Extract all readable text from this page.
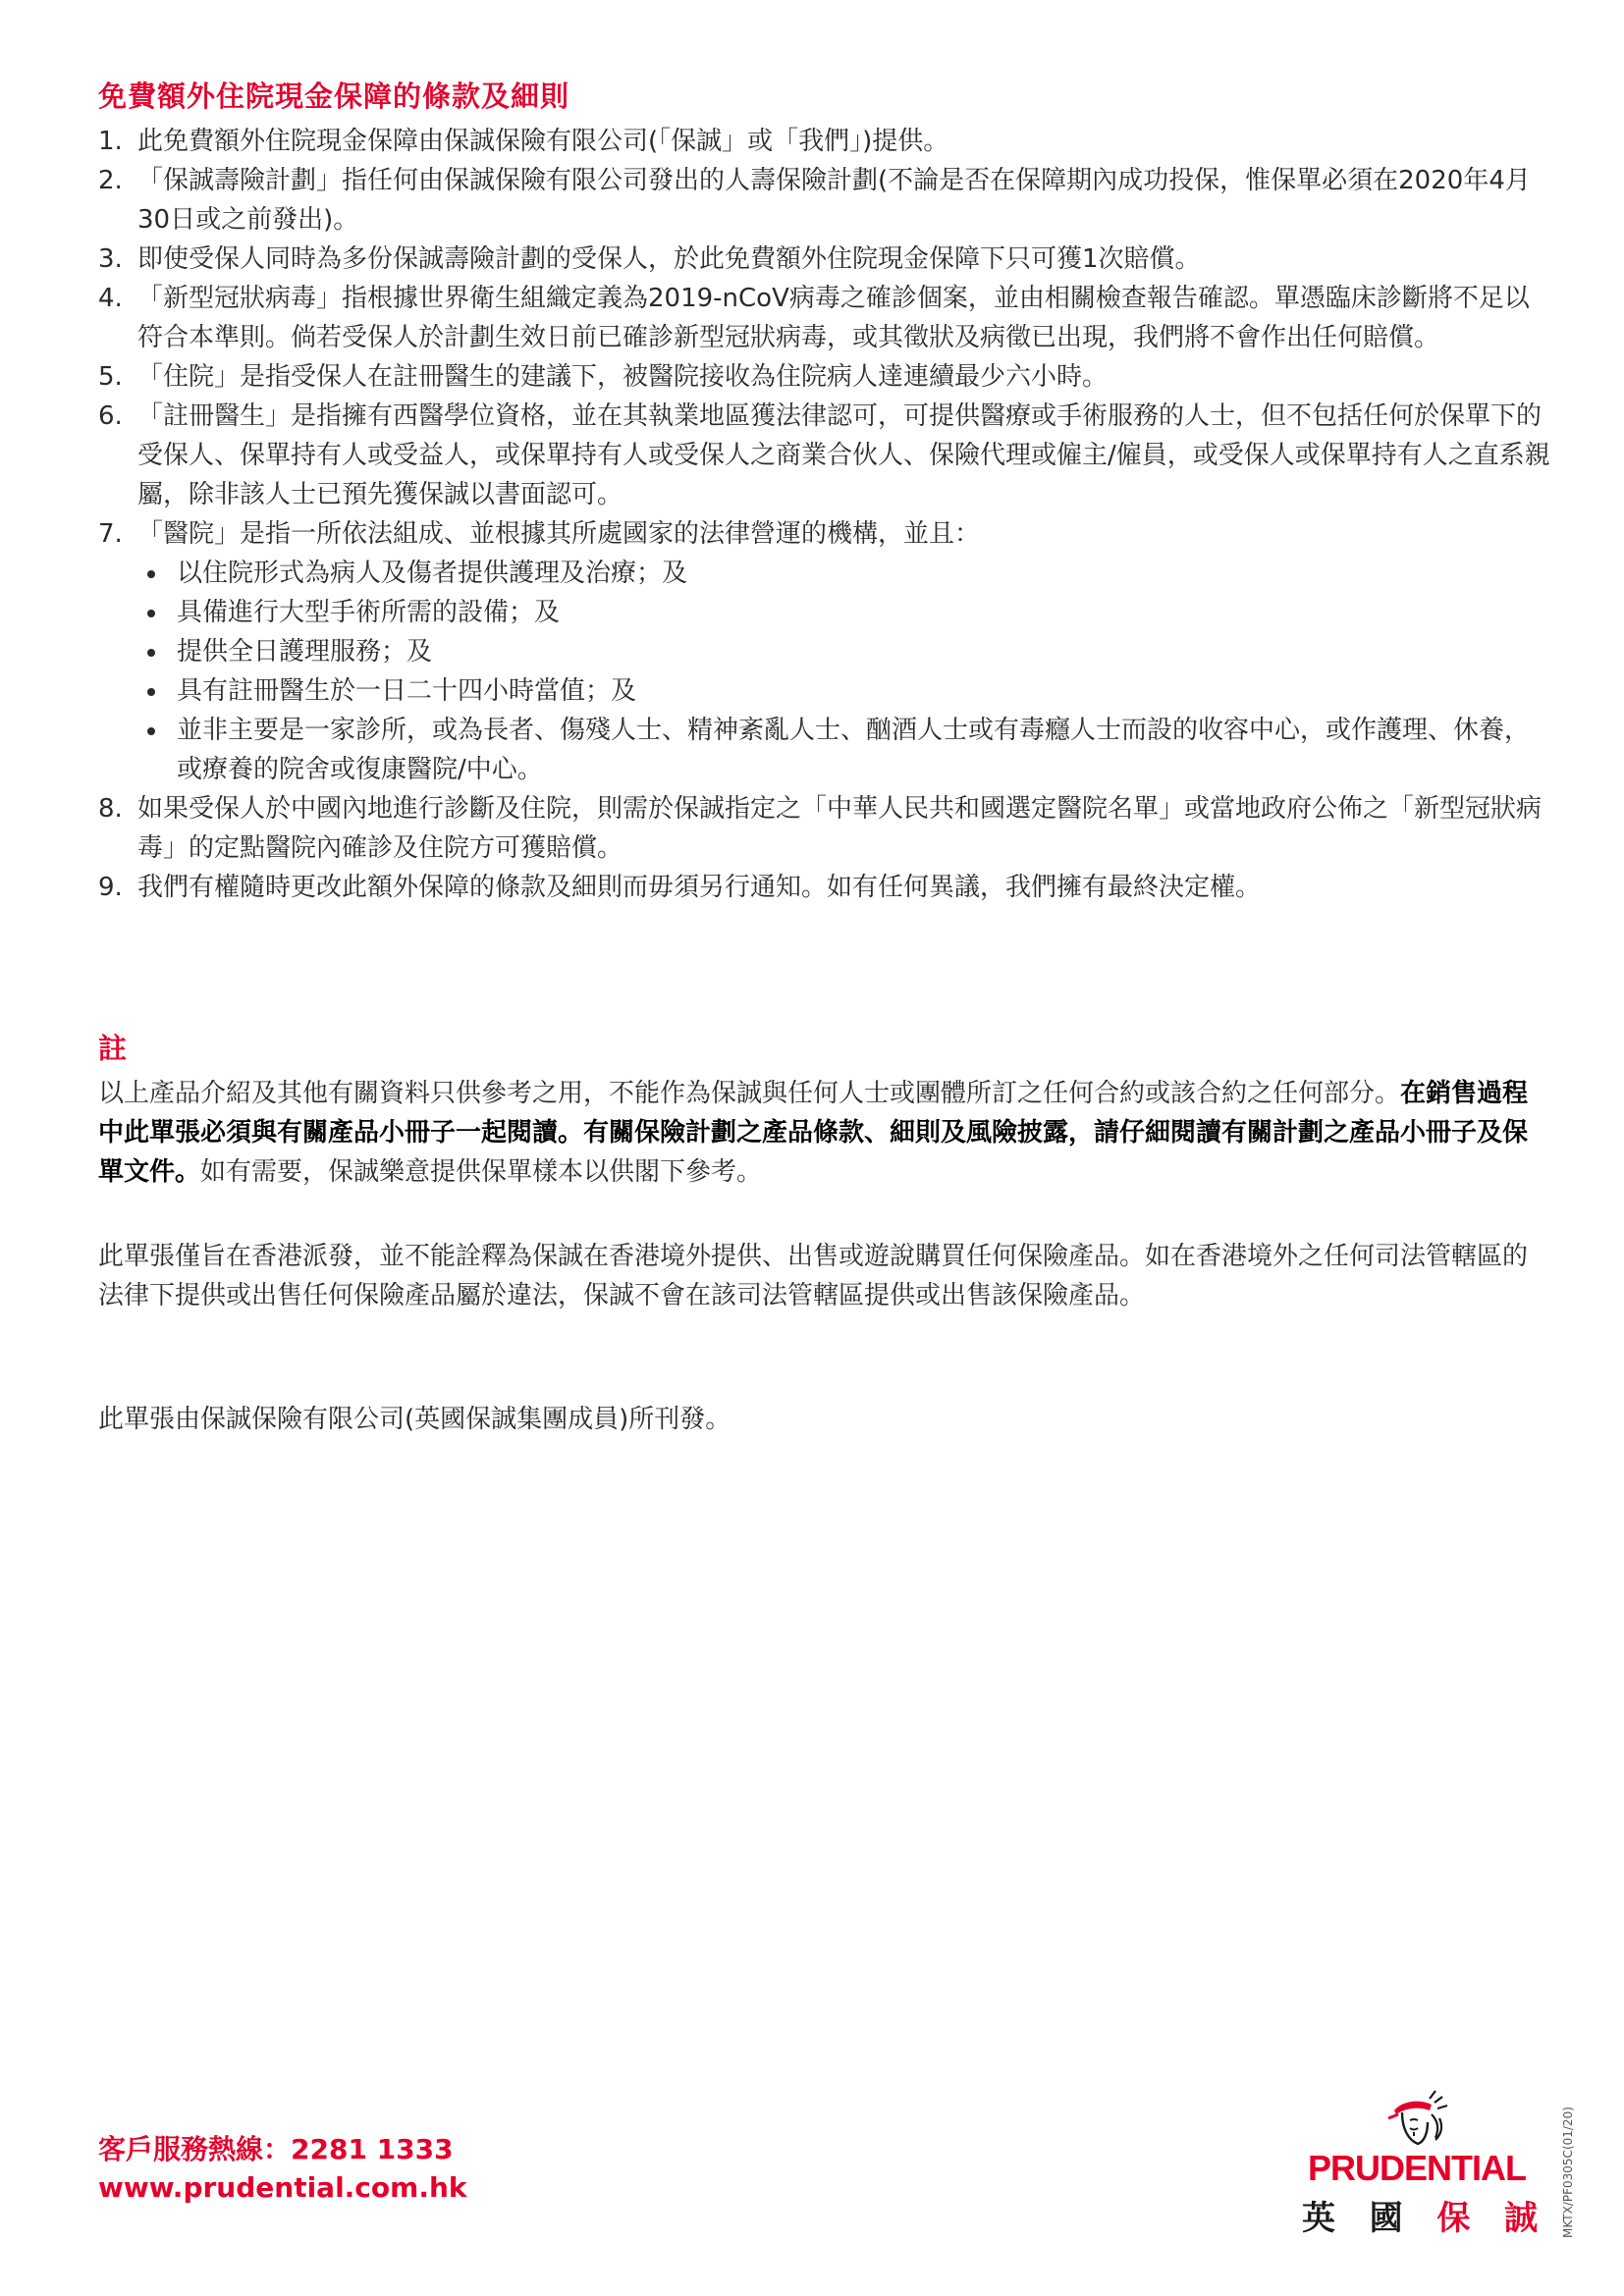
免費額外住院現金保障的條款及細則
1. 此免費額外住院現金保障由保誠保險有限公司(「保誠」或「我們」)提供。
2. 「保誠壽險計劃」指任何由保誠保險有限公司發出的人壽保險計劃(不論是否在保障期內成功投保，惟保單必須在2020年4月30日或之前發出)。
3. 即使受保人同時為多份保誠壽險計劃的受保人，於此免費額外住院現金保障下只可獲1次賠償。
4. 「新型冠狀病毒」指根據世界衛生組織定義為2019-nCoV病毒之確診個案，並由相關檢查報告確認。單憑臨床診斷將不足以符合本準則。倘若受保人於計劃生效日前已確診新型冠狀病毒，或其徵狀及病徵已出現，我們將不會作出任何賠償。
5. 「住院」是指受保人在註冊醫生的建議下，被醫院接收為住院病人達連續最少六小時。
6. 「註冊醫生」是指擁有西醫學位資格，並在其執業地區獲法律認可，可提供醫療或手術服務的人士，但不包括任何於保單下的受保人、保單持有人或受益人，或保單持有人或受保人之商業合伙人、保險代理或僱主/僱員，或受保人或保單持有人之直系親屬，除非該人士已預先獲保誠以書面認可。
7. 「醫院」是指一所依法組成、並根據其所處國家的法律營運的機構，並且：
以住院形式為病人及傷者提供護理及治療；及
具備進行大型手術所需的設備；及
提供全日護理服務；及
具有註冊醫生於一日二十四小時當值；及
並非主要是一家診所，或為長者、傷殘人士、精神紊亂人士、酗酒人士或有毒癮人士而設的收容中心，或作護理、休養，或療養的院舍或復康醫院/中心。
8. 如果受保人於中國內地進行診斷及住院，則需於保誠指定之「中華人民共和國選定醫院名單」或當地政府公佈之「新型冠狀病毒」的定點醫院內確診及住院方可獲賠償。
9. 我們有權隨時更改此額外保障的條款及細則而毋須另行通知。如有任何異議，我們擁有最終決定權。
註

以上產品介紹及其他有關資料只供參考之用，不能作為保誠與任何人士或團體所訂之任何合約或該合約之任何部分。在銷售過程中此單張必須與有關產品小冊子一起閱讀。有關保險計劃之產品條款、細則及風險披露，請仔細閱讀有關計劃之產品小冊子及保單文件。如有需要，保誠樂意提供保單樣本以供閣下參考。

此單張僅旨在香港派發，並不能詮釋為保誠在香港境外提供、出售或遊說購買任何保險產品。如在香港境外之任何司法管轄區的法律下提供或出售任何保險產品屬於違法，保誠不會在該司法管轄區提供或出售該保險產品。

此單張由保誠保險有限公司(英國保誠集團成員)所刊發。

客戶服務熱線：2281 1333
www.prudential.com.hk	PRUDENTIAL
英 國 保 誠 MKTX/PF0305C(01/20)
